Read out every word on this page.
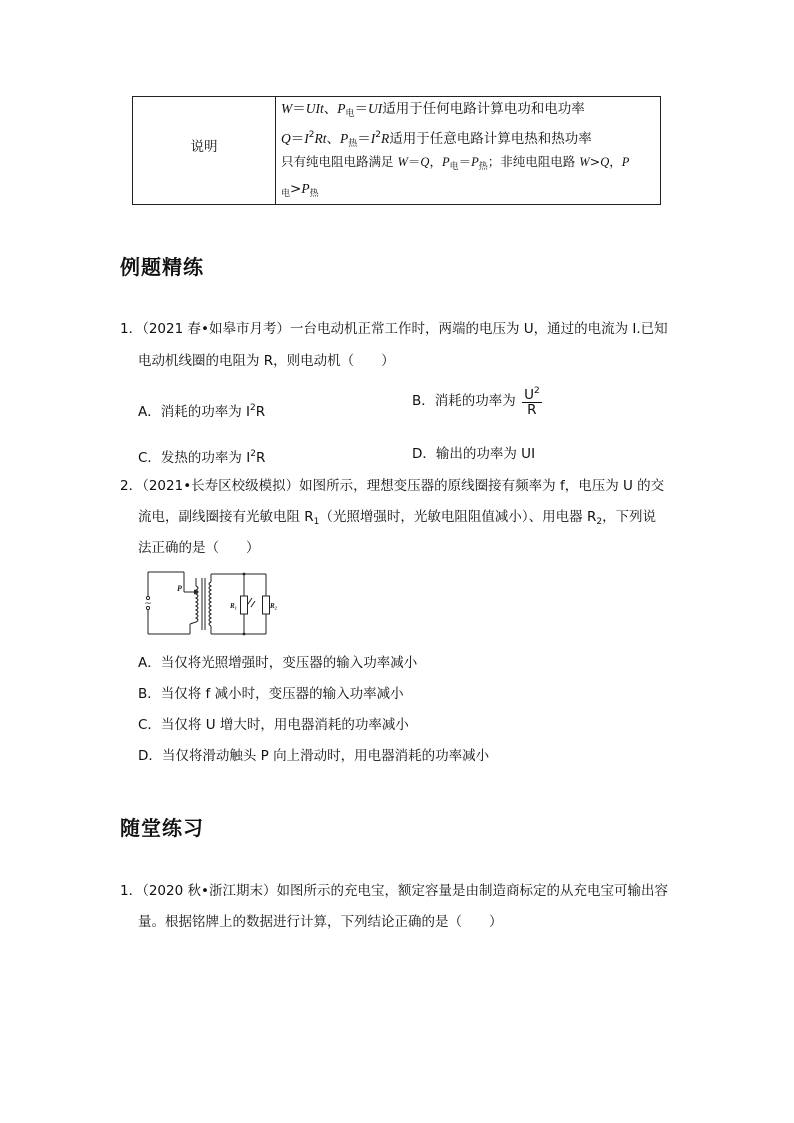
说明
W＝UIt、$P_电=UI$适用于任何电路计算电功和电功率
$Q=I^2Rt$、$P_热=I^2R$适用于任意电路计算电热和热功率
只有纯电阻电路满足 W＝Q，$P_电=P_热$；非纯电阻电路 W>Q，P
$_电>P_热$
例题精练
1．（2021 春•如皋市月考）一台电动机正常工作时，两端的电压为 U，通过的电流为 I.已知
电动机线圈的电阻为 R，则电动机（　　）
A．消耗的功率为 $I^2R$
B．消耗的功率为 $\frac{U^2}{R}$
C．发热的功率为 $I^2R$	D．输出的功率为 UI
2．（2021•长寿区校级模拟）如图所示，理想变压器的原线圈接有频率为 f，电压为 U 的交
流电，副线圈接有光敏电阻 $R_1$（光照增强时，光敏电阻阻值减小）、用电器 $R_2$，下列说
法正确的是（　　）
~
P
R₁	R₂
A．当仅将光照增强时，变压器的输入功率减小
B．当仅将 f 减小时，变压器的输入功率减小
C．当仅将 U 增大时，用电器消耗的功率减小
D．当仅将滑动触头 P 向上滑动时，用电器消耗的功率减小
随堂练习
1．（2020 秋•浙江期末）如图所示的充电宝，额定容量是由制造商标定的从充电宝可输出容
量。根据铭牌上的数据进行计算，下列结论正确的是（　　）
